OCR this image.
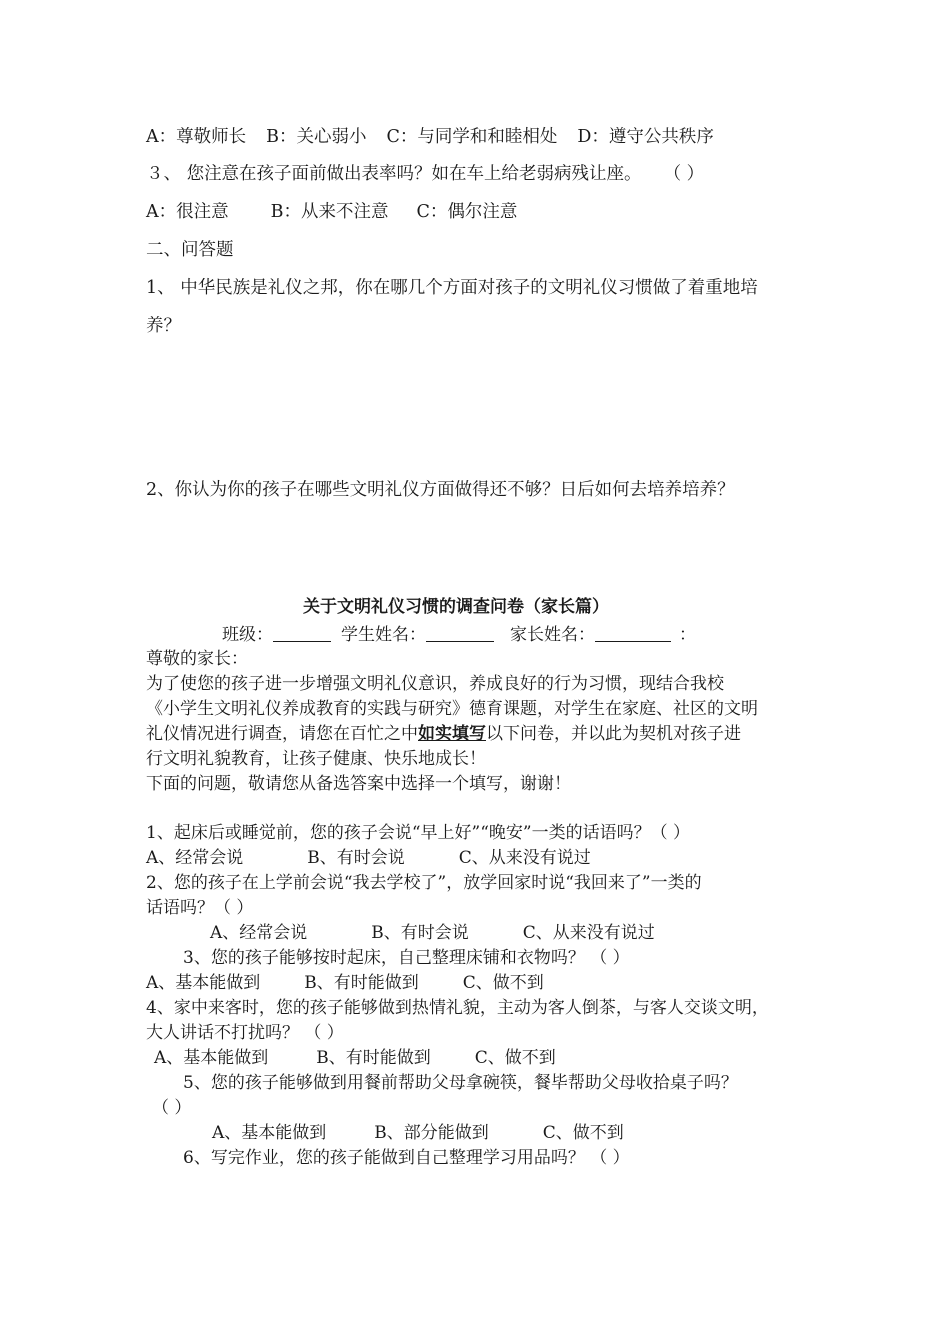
A：尊敬师长 B：关心弱小 C：与同学和和睦相处 D：遵守公共秩序
３、 您注意在孩子面前做出表率吗？如在车上给老弱病残让座。 （ ）
A：很注意 B：从来不注意 C：偶尔注意
二、问答题
1、 中华民族是礼仪之邦，你在哪几个方面对孩子的文明礼仪习惯做了着重地培
养？
2、你认为你的孩子在哪些文明礼仪方面做得还不够？日后如何去培养培养？
关于文明礼仪习惯的调查问卷（家长篇）
班级：	学生姓名：	家长姓名：	：
尊敬的家长：
为了使您的孩子进一步增强文明礼仪意识，养成良好的行为习惯，现结合我校
《小学生文明礼仪养成教育的实践与研究》德育课题，对学生在家庭、社区的文明
礼仪情况进行调查，请您在百忙之中如实填写以下问卷，并以此为契机对孩子进
行文明礼貌教育，让孩子健康、快乐地成长！
下面的问题，敬请您从备选答案中选择一个填写，谢谢！
1、起床后或睡觉前，您的孩子会说“早上好”“晚安”一类的话语吗？（ ）
A、经常会说	B、有时会说	C、从来没有说过
2、您的孩子在上学前会说“我去学校了”，放学回家时说“我回来了”一类的
话语吗？（ ）
A、经常会说	B、有时会说	C、从来没有说过
3、您的孩子能够按时起床，自己整理床铺和衣物吗？ （ ）
A、基本能做到	B、有时能做到	C、做不到
4、家中来客时，您的孩子能够做到热情礼貌，主动为客人倒茶，与客人交谈文明，
大人讲话不打扰吗？ （ ）
A、基本能做到	B、有时能做到	C、做不到
5、您的孩子能够做到用餐前帮助父母拿碗筷，餐毕帮助父母收拾桌子吗？
（ ）
A、基本能做到	B、部分能做到	C、做不到
6、写完作业，您的孩子能做到自己整理学习用品吗？ （ ）
